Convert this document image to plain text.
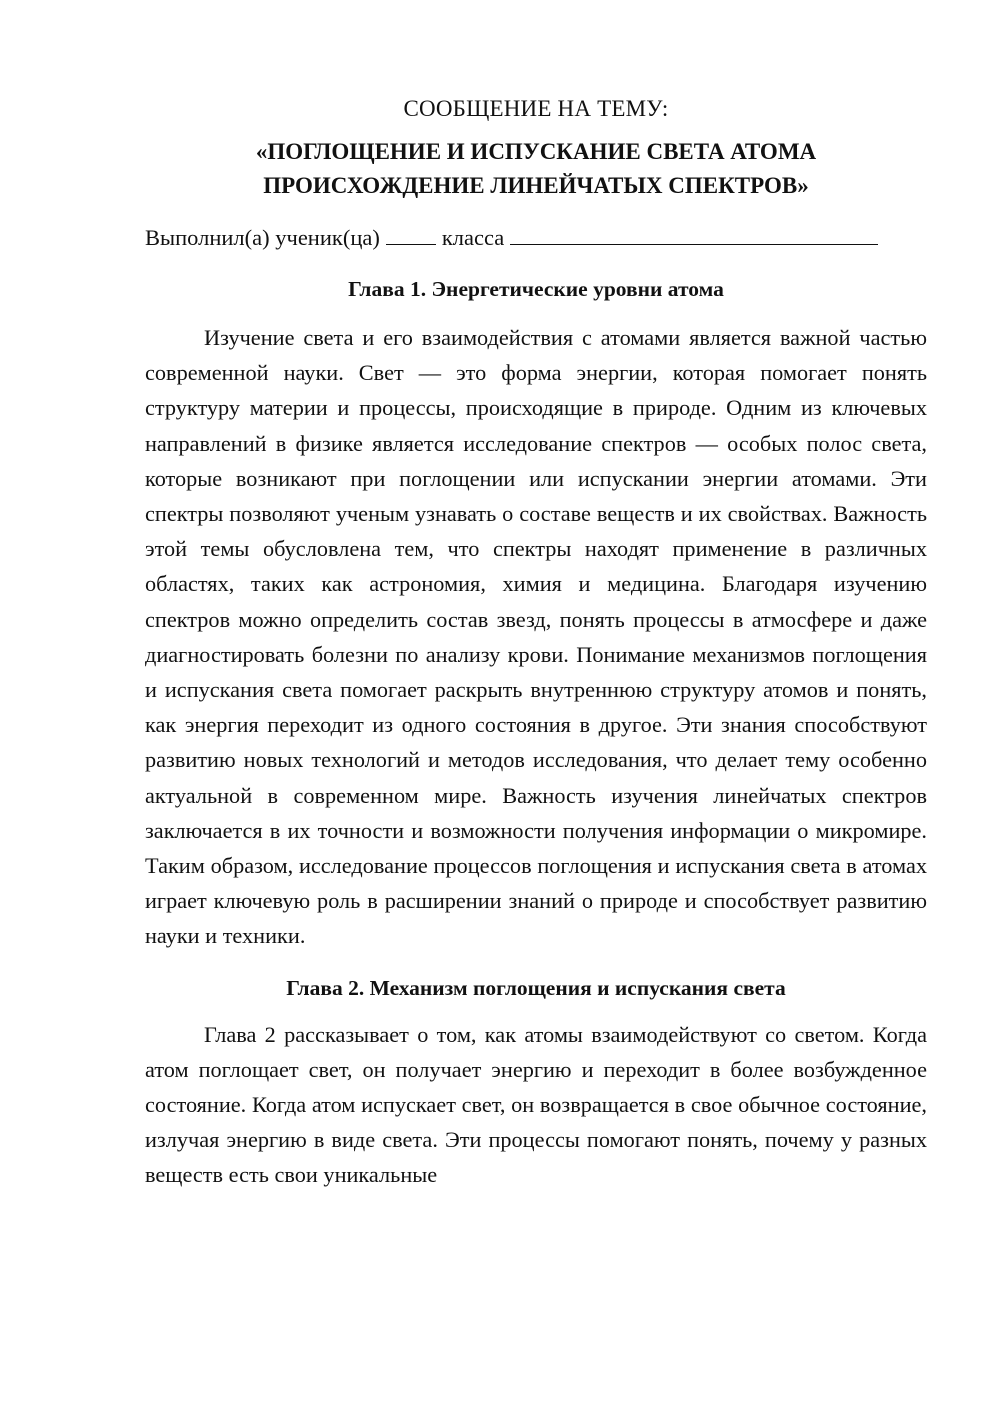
СООБЩЕНИЕ НА ТЕМУ:

«ПОГЛОЩЕНИЕ И ИСПУСКАНИЕ СВЕТА АТОМА

ПРОИСХОЖДЕНИЕ ЛИНЕЙЧАТЫХ СПЕКТРОВ»

Выполнил(а) ученик(ца)	класса

Глава 1. Энергетические уровни атома

Изучение света и его взаимодействия с атомами является важной частью современной науки. Свет — это форма энергии, которая помогает понять структуру материи и процессы, происходящие в природе. Одним из ключевых направлений в физике является исследование спектров — особых полос света, которые возникают при поглощении или испускании энергии атомами. Эти спектры позволяют ученым узнавать о составе веществ и их свойствах. Важность этой темы обусловлена тем, что спектры находят применение в различных областях, таких как астрономия, химия и медицина. Благодаря изучению спектров можно определить состав звезд, понять процессы в атмосфере и даже диагностировать болезни по анализу крови. Понимание механизмов поглощения и испускания света помогает раскрыть внутреннюю структуру атомов и понять, как энергия переходит из одного состояния в другое. Эти знания способствуют развитию новых технологий и методов исследования, что делает тему особенно актуальной в современном мире. Важность изучения линейчатых спектров заключается в их точности и возможности получения информации о микромире. Таким образом, исследование процессов поглощения и испускания света в атомах играет ключевую роль в расширении знаний о природе и способствует развитию науки и техники.

Глава 2. Механизм поглощения и испускания света

Глава 2 рассказывает о том, как атомы взаимодействуют со светом. Когда атом поглощает свет, он получает энергию и переходит в более возбужденное состояние. Когда атом испускает свет, он возвращается в свое обычное состояние, излучая энергию в виде света. Эти процессы помогают понять, почему у разных веществ есть свои уникальные
